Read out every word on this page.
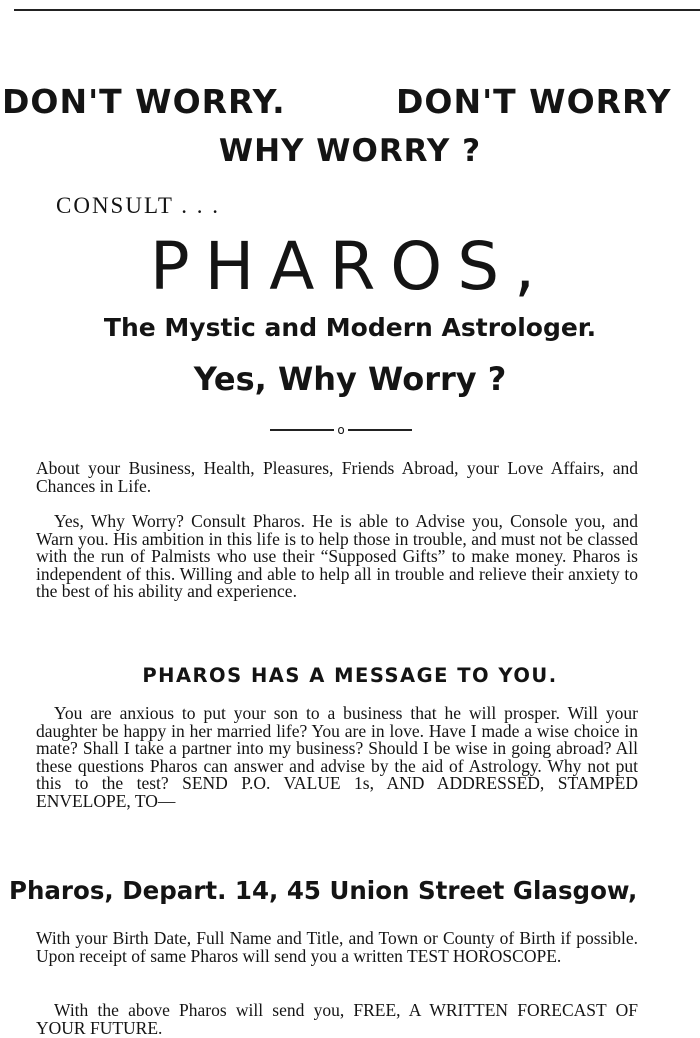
DON'T WORRY.	DON'T WORRY
WHY WORRY ?
CONSULT . . .
PHAROS,
The Mystic and Modern Astrologer.
Yes, Why Worry ?
o
About your Business, Health, Pleasures, Friends Abroad, your Love Affairs, and Chances in Life.
Yes, Why Worry? Consult Pharos. He is able to Advise you, Console you, and Warn you. His ambition in this life is to help those in trouble, and must not be classed with the run of Palmists who use their “Supposed Gifts” to make money. Pharos is independent of this. Willing and able to help all in trouble and relieve their anxiety to the best of his ability and experience.
PHAROS HAS A MESSAGE TO YOU.
You are anxious to put your son to a business that he will prosper. Will your daughter be happy in her married life? You are in love. Have I made a wise choice in mate? Shall I take a partner into my business? Should I be wise in going abroad? All these questions Pharos can answer and advise by the aid of Astrology. Why not put this to the test? SEND P.O. VALUE 1s, AND ADDRESSED, STAMPED ENVELOPE, TO—
Pharos, Depart. 14, 45 Union Street Glasgow,
With your Birth Date, Full Name and Title, and Town or County of Birth if possible. Upon receipt of same Pharos will send you a written TEST HOROSCOPE.
With the above Pharos will send you, FREE, A WRITTEN FORECAST OF YOUR FUTURE.
